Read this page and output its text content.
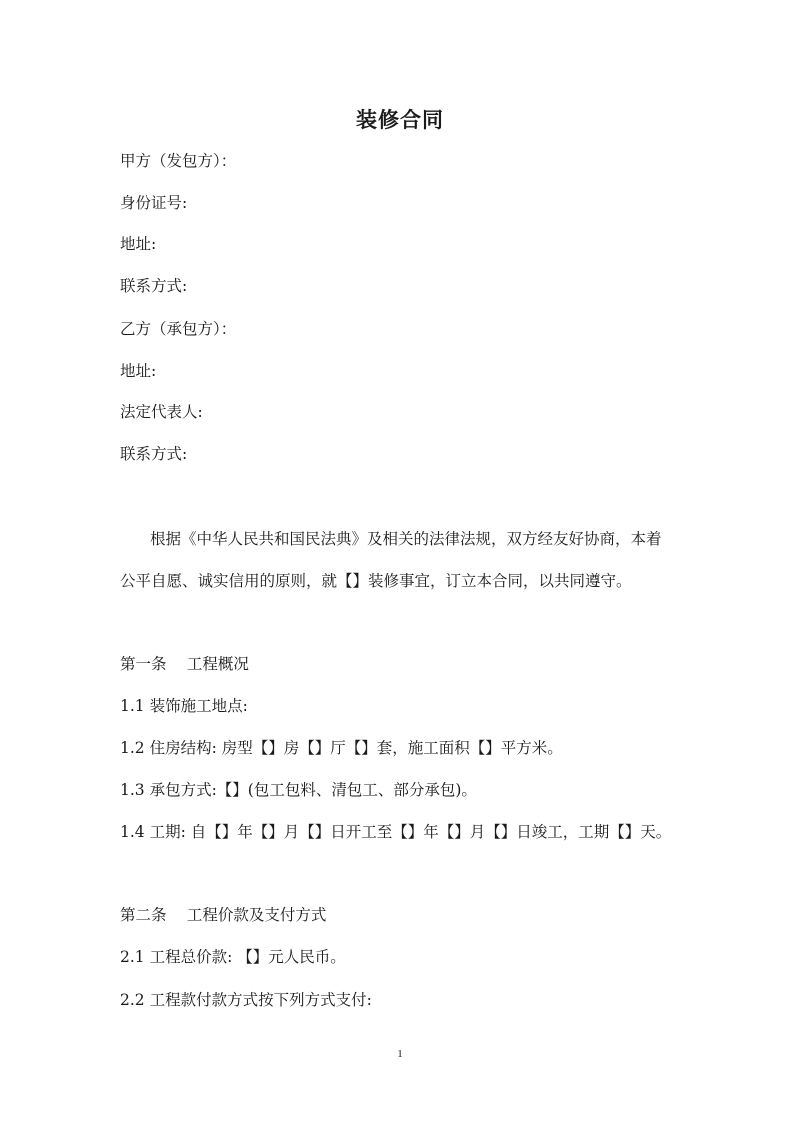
装修合同
甲方（发包方）：
身份证号:
地址:
联系方式:
乙方（承包方）：
地址:
法定代表人:
联系方式:
根据《中华人民共和国民法典》及相关的法律法规，双方经友好协商，本着
公平自愿、诚实信用的原则，就【】装修事宜，订立本合同，以共同遵守。
第一条　 工程概况
1.1 装饰施工地点:
1.2 住房结构: 房型【】房【】厅【】套，施工面积【】平方米。
1.3 承包方式:【】(包工包料、清包工、部分承包)。
1.4 工期: 自【】年【】月【】日开工至【】年【】月【】日竣工，工期【】天。
第二条　 工程价款及支付方式
2.1 工程总价款: 【】元人民币。
2.2 工程款付款方式按下列方式支付:
1
